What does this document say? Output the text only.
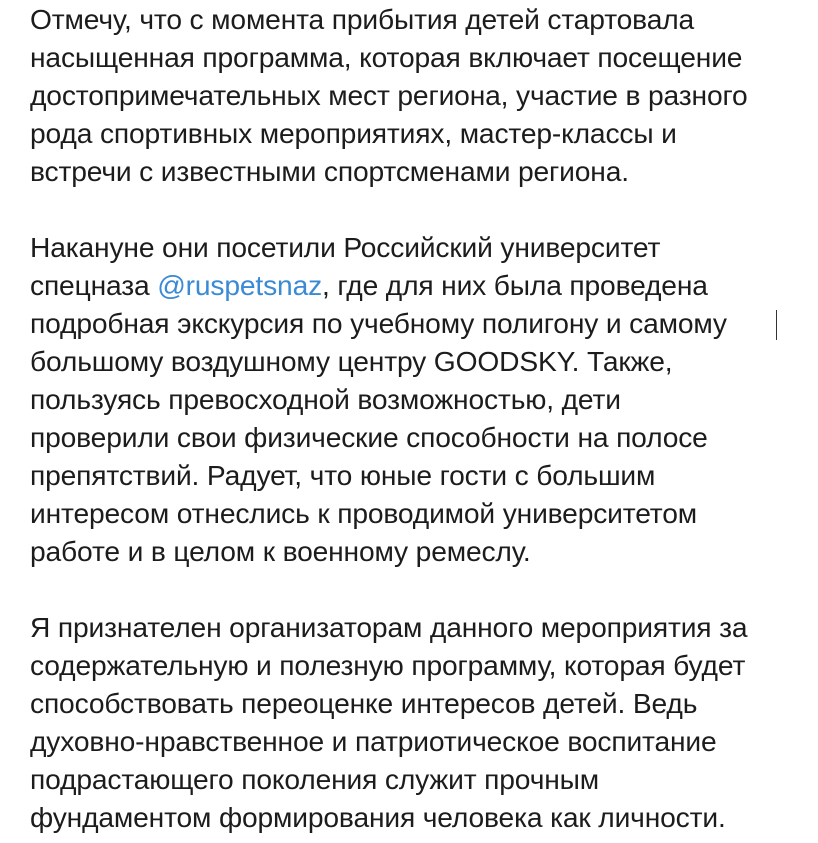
Отмечу, что с момента прибытия детей стартовала
насыщенная программа, которая включает посещение
достопримечательных мест региона, участие в разного
рода спортивных мероприятиях, мастер-классы и
встречи с известными спортсменами региона.
Накануне они посетили Российский университет
спецназа @ruspetsnaz, где для них была проведена
подробная экскурсия по учебному полигону и самому
большому воздушному центру GOODSKY. Также,
пользуясь превосходной возможностью, дети
проверили свои физические способности на полосе
препятствий. Радует, что юные гости с большим
интересом отнеслись к проводимой университетом
работе и в целом к военному ремеслу.
Я признателен организаторам данного мероприятия за
содержательную и полезную программу, которая будет
способствовать переоценке интересов детей. Ведь
духовно-нравственное и патриотическое воспитание
подрастающего поколения служит прочным
фундаментом формирования человека как личности.
